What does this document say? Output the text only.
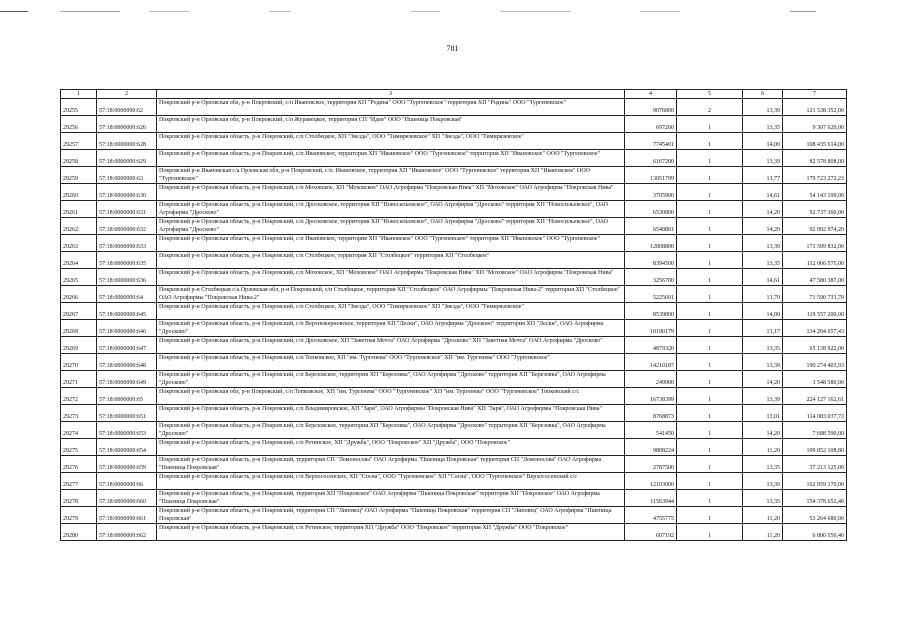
781
1	2	3	4	5	6	7
29255	57:18:0000000:62	Покровский р-н Орловская обл, р-н Покровский, с/п Ивановское, территория ХП "Родина" ООО "Тургеневское" территория ХП "Родина" ООО "Тургеневское"	9076800	2	13,39	121 538 352,00
29256	57:18:0000000:626	Покровский р-н Орловская обл, р-н Покровский, с/п Журавецкое, территория СП "Идея" ООО "Пшеница Покровская"	697200	1	13,35	9 307 620,00
29257	57:18:0000000:628	Покровский р-н Орловская область, р-н Покровский, с/п Столбецкое, ХП "Звезда", ООО "Тимирязевское" ХП "Звезда", ООО "Тимирязевское"	7745401	1	14,00	108 435 614,00
29258	57:18:0000000:629	Покровский р-н Орловская область, р-н Покровский, с/п Ивановское, территория ХП "Ивановское" ООО "Тургеневское" территория ХП "Ивановское" ООО "Тургеневское"	6167200	1	13,39	82 578 808,00
29259	57:18:0000000:63	Покровский р-н Ивановская с/а Орловская обл, р-н Покровский, с/п. Ивановское, территория ХП "Ивановское" ООО "Тургеневское" территория ХП "Ивановское" ООО "Тургеневское"	13051799	1	13,77	179 723 272,23
29260	57:18:0000000:630	Покровский р-н Орловская область, р-н Покровский, с/п Моховское, ХП "Моховское" ОАО Агрофирма "Покровская Нива" ХП "Моховское" ОАО Агрофирма "Покровская Нива"	3705900	1	14,61	54 143 199,00
29261	57:18:0000000:631	Покровский р-н Орловская область, р-н Покровский, с/п Дросковское, территория ХП "Новосильевское", ОАО Агрофирма "Дросково" территория ХП "Новосильевское", ОАО Агрофирма "Дросково"	6530800	1	14,20	92 737 360,00
29262	57:18:0000000:632	Покровский р-н Орловская область, р-н Покровский, с/п Дросковское, территория ХП "Новосильевское", ОАО Агрофирма "Дросково" территория ХП "Новосильевское", ОАО Агрофирма "Дросково"	6548801	1	14,20	92 992 974,20
29263	57:18:0000000:633	Покровский р-н Орловская область, р-н Покровский, с/п Ивановское, территория ХП "Ивановское" ООО "Тургеневское" территория ХП "Ивановское" ООО "Тургеневское"	12808800	1	13,39	171 509 832,00
29264	57:18:0000000:635	Покровский р-н Орловская область, р-н Покровский, с/п Столбецкое, территория ХП "Столбецкое" территория ХП "Столбецкое"	8394500	1	13,35	112 066 575,00
29265	57:18:0000000:636	Покровский р-н Орловская область, р-н Покровский, с/п Моховское, ХП "Моховское" ОАО Агрофирма "Покровская Нива" ХП "Моховское" ОАО Агрофирма "Покровская Нива"	3256700	1	14,61	47 580 387,00
29266	57:18:0000000:64	Покровский р-н Столбецкая с/а Орловская обл, р-н Покровский, с/п Столбецкое, территория ХП "Столбецкое" ОАО Агрофирмы "Покровская Нива-2" территория ХП "Столбецкое" ОАО Агрофирмы "Покровская Нива-2"	5225601	1	13,70	71 590 733,70
29267	57:18:0000000:645	Покровский р-н Орловская область, р-н Покровский, с/п Столбецкое, ХП "Звезда", ООО "Тимирязевское" ХП "Звезда", ООО "Тимирязевское"	8539800	1	14,00	119 557 200,00
29268	57:18:0000000:646	Покровский р-н Орловская область, р-н Покровский, с/п Верхнежерновское, территория ХП "Лески", ОАО Агрофирма "Дросково" территория ХП "Лески", ОАО Агрофирма "Дросково"	10190179	1	13,17	134 204 657,43
29269	57:18:0000000:647	Покровский р-н Орловская область, р-н Покровский, с/п Дросковское, ХП "Заветная Мечта" ОАО Агрофирма "Дросково" ХП "Заветная Мечта" ОАО Агрофирма "Дросково"	4879320	1	13,35	65 138 922,00
29270	57:18:0000000:648	Покровский р-н Орловская область, р-н Покровский, с/п Топковское, ХП "им. Тургенева" ООО "Тургеневское" ХП "им. Тургенева" ООО "Тургеневское"	14210187	1	13,39	190 274 403,93
29271	57:18:0000000:649	Покровский р-н Орловская область, р-н Покровский, с/п Березовское, территория ХП "Березовка", ОАО Агрофирма "Дросково" территория ХП "Березовка", ОАО Агрофирма "Дросково"	249900	1	14,20	3 548 580,00
29272	57:18:0000000:65	Покровский р-н Орловская обл, р-н Покровский, с/п Топковское, ХП "им. Тургенева" ООО "Тургеневское" ХП "им. Тургенева" ООО "Тургеневское" Топковский с/с	16738399	1	13,39	224 127 162,61
29273	57:18:0000000:651	Покровский р-н Орловская область, р-н Покровский, с/п Владимировское, ХП "Заря", ОАО Агрофирмы "Покровская Нива" ХП "Заря", ОАО Агрофирмы "Покровская Нива"	8768873	1	13,01	114 083 037,73
29274	57:18:0000000:653	Покровский р-н Орловская область, р-н Покровский, с/п Березовское, территория ХП "Березовка", ОАО Агрофирма "Дросково" территория ХП "Березовка", ОАО Агрофирма "Дросково"	541450	1	14,20	7 688 590,00
29275	57:18:0000000:654	Покровский р-н Орловская область, р-н Покровский, с/п Ретинское, ХП "Дружба", ООО "Покровское" ХП "Дружба", ООО "Покровское"	9808224	1	11,20	109 852 108,80
29276	57:18:0000000:659	Покровский р-н Орловская область, р-н Покровский, территория СП "Ломоносова" ОАО Агрофирма "Пшеница Покровская" территория СП "Ломоносова" ОАО Агрофирма "Пшеница Покровская"	2787500	1	13,35	37 213 125,00
29277	57:18:0000000:66	Покровский р-н Орловская область, р-н Покровский, с/п Верхососенское, ХП "Сосна", ООО "Тургеневское" ХП "Сосна", ООО "Тургеневское" Верхососенский с/с	12103000	1	13,39	162 059 170,00
29278	57:18:0000000:660	Покровский р-н Орловская область, р-н Покровский, территория ХП "Покровское" ОАО Агрофирма "Пшеница Покровская" территория ХП "Покровское" ОАО Агрофирма "Пшеница Покровская"	11563944	1	13,35	154 378 652,40
29279	57:18:0000000:661	Покровский р-н Орловская область, р-н Покровский, территория СП "Липовец" ОАО Агрофирма "Пшеница Покровская" территория СП "Липовец" ОАО Агрофирма "Пшеница Покровская"	4755775	1	11,20	53 264 680,00
29280	57:18:0000000:662	Покровский р-н Орловская область, р-н Покровский, с/п Ретинское, территория ХП "Дружба" ООО "Покровское" территория ХП "Дружба" ООО "Покровское"	607192	1	11,20	6 800 550,40
